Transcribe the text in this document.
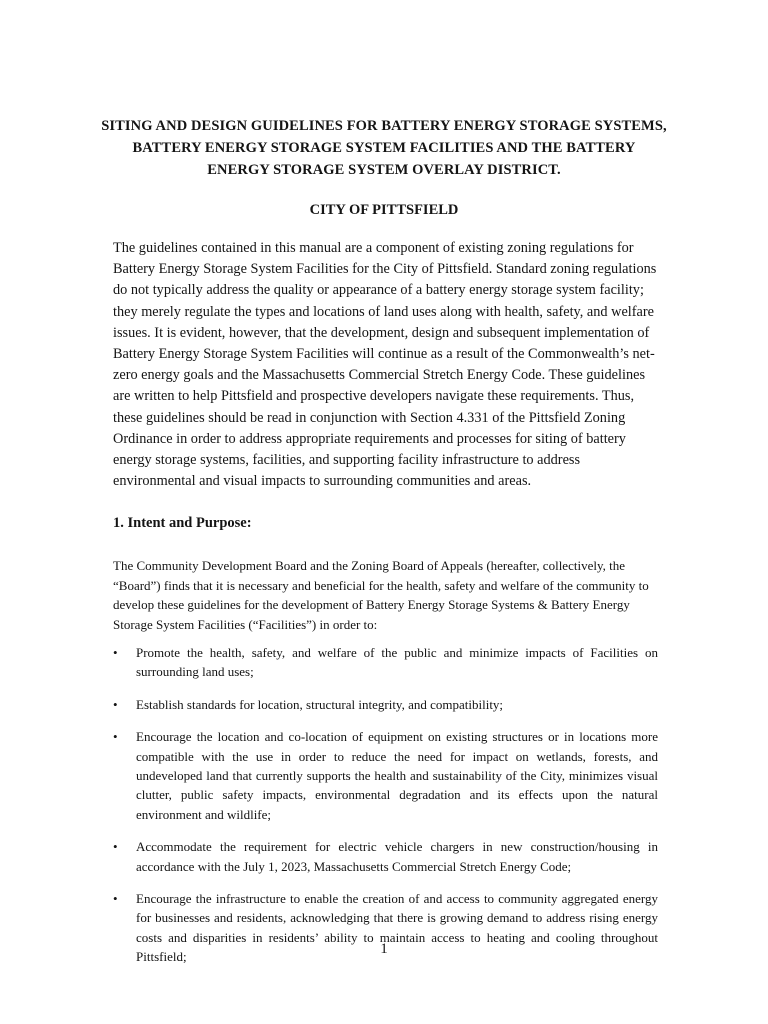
SITING AND DESIGN GUIDELINES FOR BATTERY ENERGY STORAGE SYSTEMS, BATTERY ENERGY STORAGE SYSTEM FACILITIES AND THE BATTERY ENERGY STORAGE SYSTEM OVERLAY DISTRICT.
CITY OF PITTSFIELD

The guidelines contained in this manual are a component of existing zoning regulations for Battery Energy Storage System Facilities for the City of Pittsfield. Standard zoning regulations do not typically address the quality or appearance of a battery energy storage system facility; they merely regulate the types and locations of land uses along with health, safety, and welfare issues. It is evident, however, that the development, design and subsequent implementation of Battery Energy Storage System Facilities will continue as a result of the Commonwealth’s net-zero energy goals and the Massachusetts Commercial Stretch Energy Code. These guidelines are written to help Pittsfield and prospective developers navigate these requirements. Thus, these guidelines should be read in conjunction with Section 4.331 of the Pittsfield Zoning Ordinance in order to address appropriate requirements and processes for siting of battery energy storage systems, facilities, and supporting facility infrastructure to address environmental and visual impacts to surrounding communities and areas.

1. Intent and Purpose:

The Community Development Board and the Zoning Board of Appeals (hereafter, collectively, the “Board”) finds that it is necessary and beneficial for the health, safety and welfare of the community to develop these guidelines for the development of Battery Energy Storage Systems & Battery Energy Storage System Facilities (“Facilities”) in order to:

• Promote the health, safety, and welfare of the public and minimize impacts of Facilities on surrounding land uses;
• Establish standards for location, structural integrity, and compatibility;
• Encourage the location and co-location of equipment on existing structures or in locations more compatible with the use in order to reduce the need for impact on wetlands, forests, and undeveloped land that currently supports the health and sustainability of the City, minimizes visual clutter, public safety impacts, environmental degradation and its effects upon the natural environment and wildlife;
• Accommodate the requirement for electric vehicle chargers in new construction/housing in accordance with the July 1, 2023, Massachusetts Commercial Stretch Energy Code;
• Encourage the infrastructure to enable the creation of and access to community aggregated energy for businesses and residents, acknowledging that there is growing demand to address rising energy costs and disparities in residents’ ability to maintain access to heating and cooling throughout Pittsfield;	1
